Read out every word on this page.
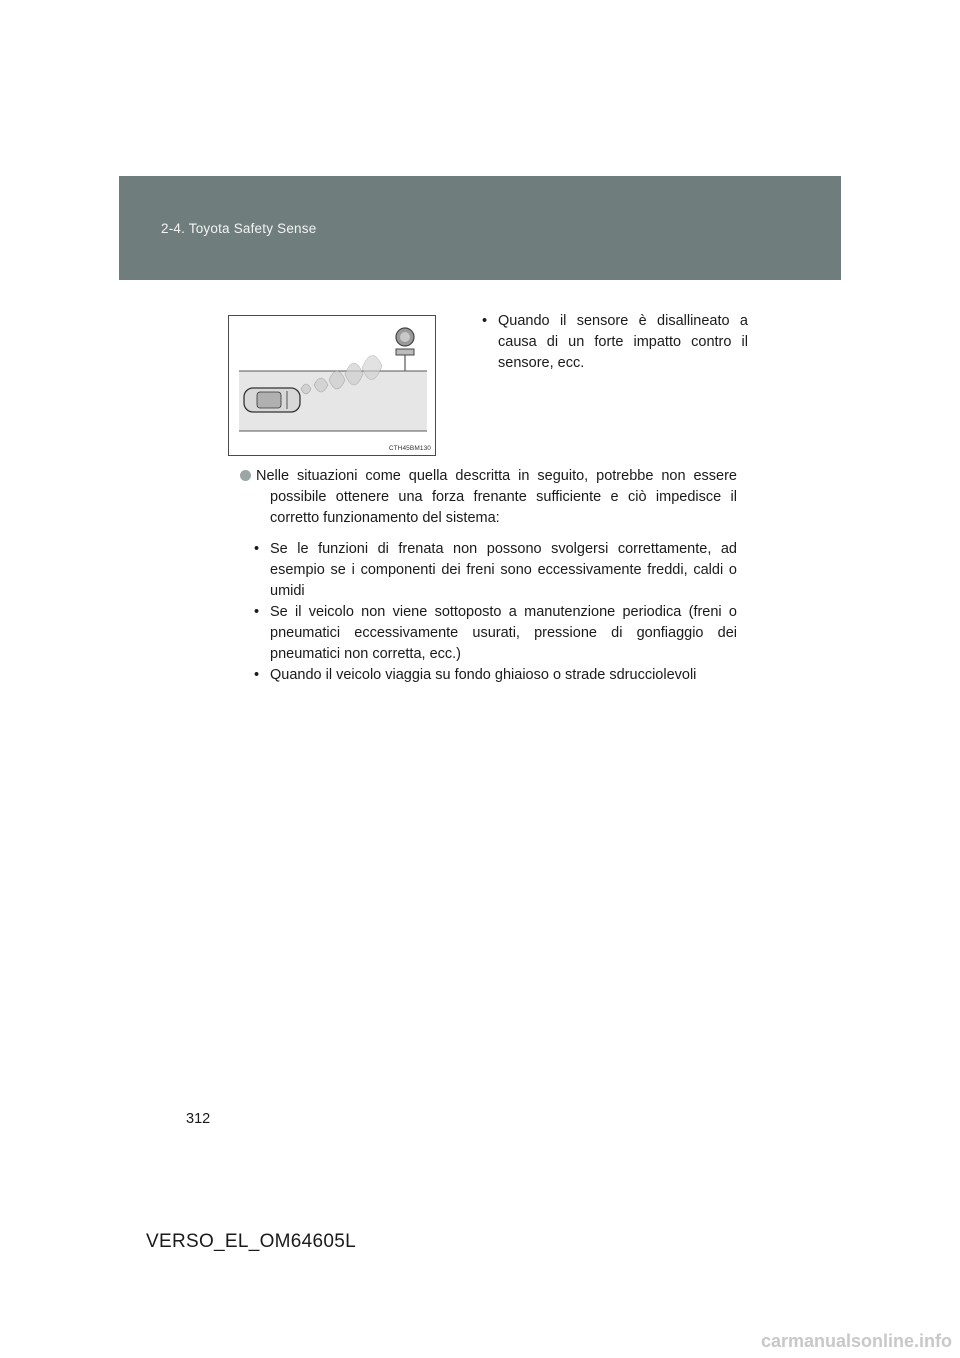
2-4. Toyota Safety Sense
CTH45BM130
• Quando il sensore è disallineato a causa di un forte impatto contro il sensore, ecc.

Nelle situazioni come quella descritta in seguito, potrebbe non essere possibile ottenere una forza frenante sufficiente e ciò impedisce il corretto funzionamento del sistema:

• Se le funzioni di frenata non possono svolgersi correttamente, ad esempio se i componenti dei freni sono eccessivamente freddi, caldi o umidi
• Se il veicolo non viene sottoposto a manutenzione periodica (freni o pneumatici eccessivamente usurati, pressione di gonfiaggio dei pneumatici non corretta, ecc.)
• Quando il veicolo viaggia su fondo ghiaioso o strade sdrucciolevoli
312
VERSO_EL_OM64605L
carmanualsonline.info
